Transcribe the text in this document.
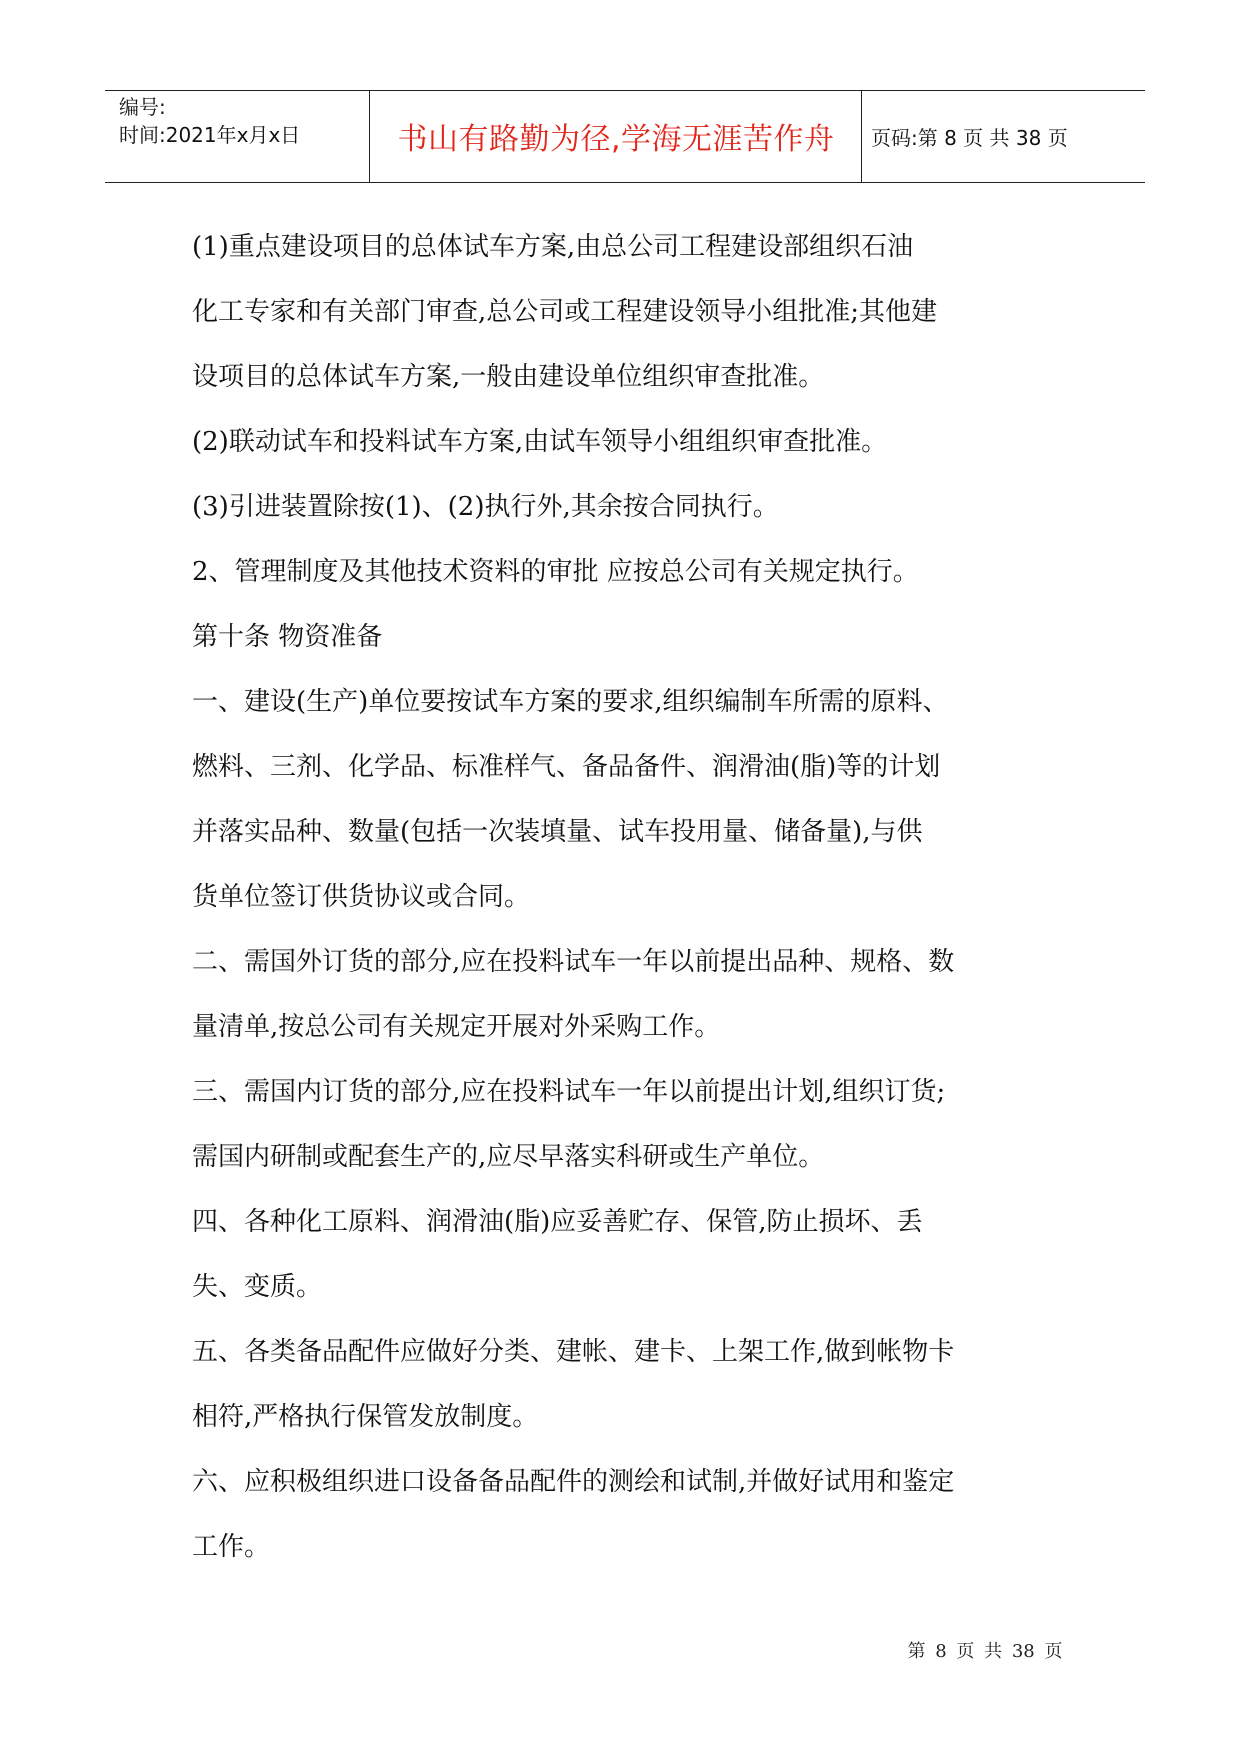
编号:
时间:2021年x月x日	书山有路勤为径,学海无涯苦作舟	页码:第 8 页 共 38 页

(1)重点建设项目的总体试车方案,由总公司工程建设部组织石油

化工专家和有关部门审查,总公司或工程建设领导小组批准;其他建

设项目的总体试车方案,一般由建设单位组织审查批准。

(2)联动试车和投料试车方案,由试车领导小组组织审查批准。

(3)引进装置除按(1)、(2)执行外,其余按合同执行。

2、管理制度及其他技术资料的审批 应按总公司有关规定执行。

第十条 物资准备

一、建设(生产)单位要按试车方案的要求,组织编制车所需的原料、

燃料、三剂、化学品、标准样气、备品备件、润滑油(脂)等的计划

并落实品种、数量(包括一次装填量、试车投用量、储备量),与供

货单位签订供货协议或合同。

二、需国外订货的部分,应在投料试车一年以前提出品种、规格、数

量清单,按总公司有关规定开展对外采购工作。

三、需国内订货的部分,应在投料试车一年以前提出计划,组织订货;

需国内研制或配套生产的,应尽早落实科研或生产单位。

四、各种化工原料、润滑油(脂)应妥善贮存、保管,防止损坏、丢

失、变质。

五、各类备品配件应做好分类、建帐、建卡、上架工作,做到帐物卡

相符,严格执行保管发放制度。

六、应积极组织进口设备备品配件的测绘和试制,并做好试用和鉴定

工作。

第 8 页 共 38 页
